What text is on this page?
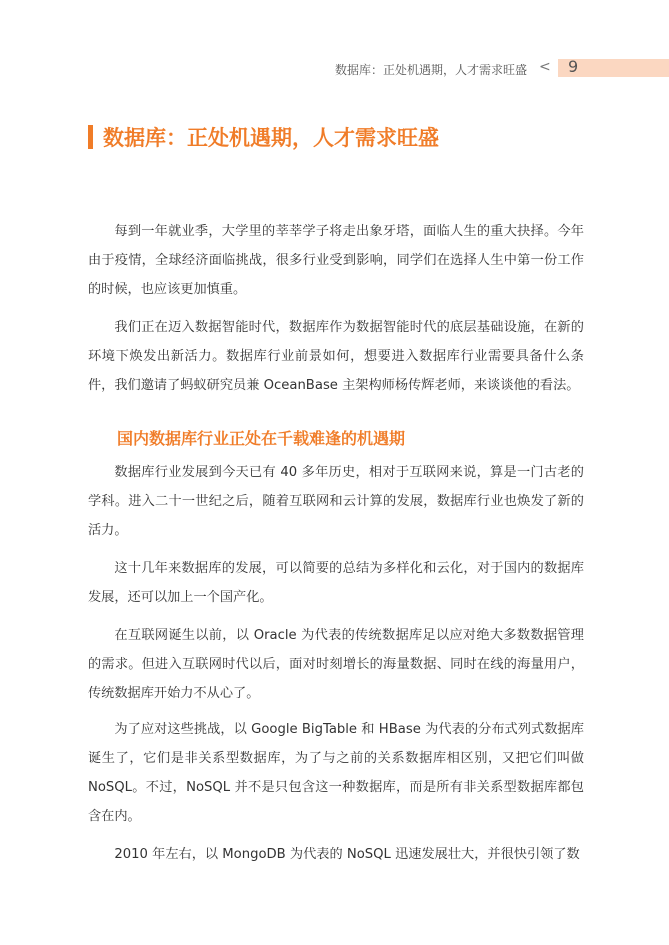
数据库：正处机遇期，人才需求旺盛 < 9
数据库：正处机遇期，人才需求旺盛

每到一年就业季，大学里的莘莘学子将走出象牙塔，面临人生的重大抉择。今年由于疫情，全球经济面临挑战，很多行业受到影响，同学们在选择人生中第一份工作的时候，也应该更加慎重。

我们正在迈入数据智能时代，数据库作为数据智能时代的底层基础设施，在新的环境下焕发出新活力。数据库行业前景如何，想要进入数据库行业需要具备什么条件，我们邀请了蚂蚁研究员兼 OceanBase 主架构师杨传辉老师，来谈谈他的看法。

国内数据库行业正处在千载难逢的机遇期

数据库行业发展到今天已有 40 多年历史，相对于互联网来说，算是一门古老的学科。进入二十一世纪之后，随着互联网和云计算的发展，数据库行业也焕发了新的活力。

这十几年来数据库的发展，可以简要的总结为多样化和云化，对于国内的数据库发展，还可以加上一个国产化。

在互联网诞生以前，以 Oracle 为代表的传统数据库足以应对绝大多数数据管理的需求。但进入互联网时代以后，面对时刻增长的海量数据、同时在线的海量用户，传统数据库开始力不从心了。

为了应对这些挑战，以 Google BigTable 和 HBase 为代表的分布式列式数据库诞生了，它们是非关系型数据库，为了与之前的关系数据库相区别，又把它们叫做 NoSQL。不过，NoSQL 并不是只包含这一种数据库，而是所有非关系型数据库都包含在内。

2010 年左右，以 MongoDB 为代表的 NoSQL 迅速发展壮大，并很快引领了数
